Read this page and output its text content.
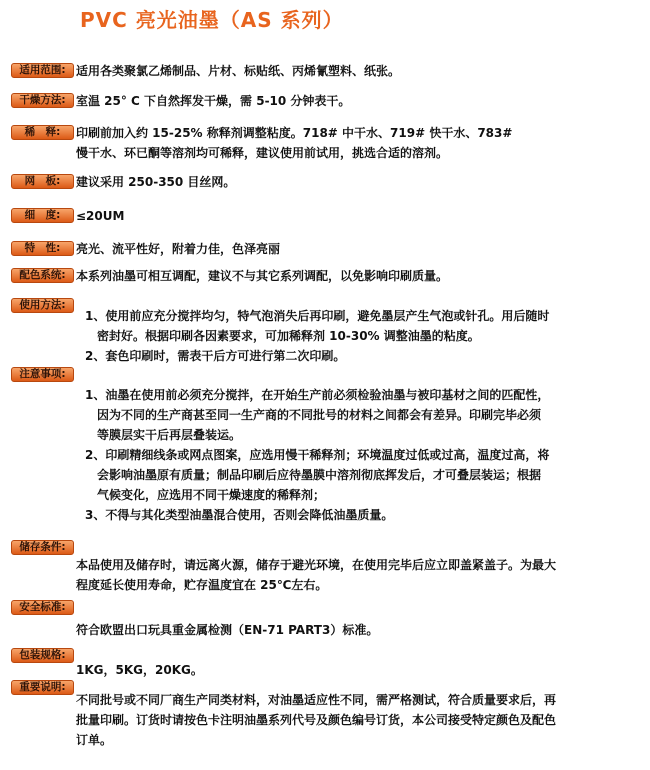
PVC 亮光油墨（AS 系列）
适用范围: 适用各类聚氯乙烯制品、片材、标贴纸、丙烯氰塑料、纸张。
干燥方法: 室温 25° C 下自然挥发干燥，需 5-10 分钟表干。
稀　释:	印刷前加入约 15-25% 称释剂调整粘度。718# 中干水、719# 快干水、783#
慢干水、环已酮等溶剂均可稀释，建议使用前试用，挑选合适的溶剂。
网　板:	建议采用 250-350 目丝网。
细　度:	≤20UM
特　性:	亮光、流平性好，附着力佳，色泽亮丽
配色系统: 本系列油墨可相互调配，建议不与其它系列调配，以免影响印刷质量。
使用方法:
1、使用前应充分搅拌均匀，特气泡消失后再印刷，避免墨层产生气泡或针孔。用后随时
　密封好。根据印刷各因素要求，可加稀释剂 10-30% 调整油墨的粘度。
2、套色印刷时，需表干后方可进行第二次印刷。
注意事项:
1、油墨在使用前必须充分搅拌，在开始生产前必须检验油墨与被印基材之间的匹配性，
　因为不同的生产商甚至同一生产商的不同批号的材料之间都会有差异。印刷完毕必须
　等膜层实干后再层叠装运。
2、印刷精细线条或网点图案，应选用慢干稀释剂；环境温度过低或过高，温度过高，将
　会影响油墨原有质量；制品印刷后应待墨膜中溶剂彻底挥发后，才可叠层装运；根据
　气候变化，应选用不同干燥速度的稀释剂；
3、不得与其化类型油墨混合使用，否则会降低油墨质量。
储存条件:
本品使用及储存时，请远离火源，储存于避光环境，在使用完毕后应立即盖紧盖子。为最大
程度延长使用寿命，贮存温度宜在 25℃左右。
安全标准:
符合欧盟出口玩具重金属检测（EN-71 PART3）标准。
包装规格:
1KG，5KG，20KG。
重要说明:
不同批号或不同厂商生产同类材料，对油墨适应性不同，需严格测试，符合质量要求后，再
批量印刷。订货时请按色卡注明油墨系列代号及颜色编号订货，本公司接受特定颜色及配色
订单。
